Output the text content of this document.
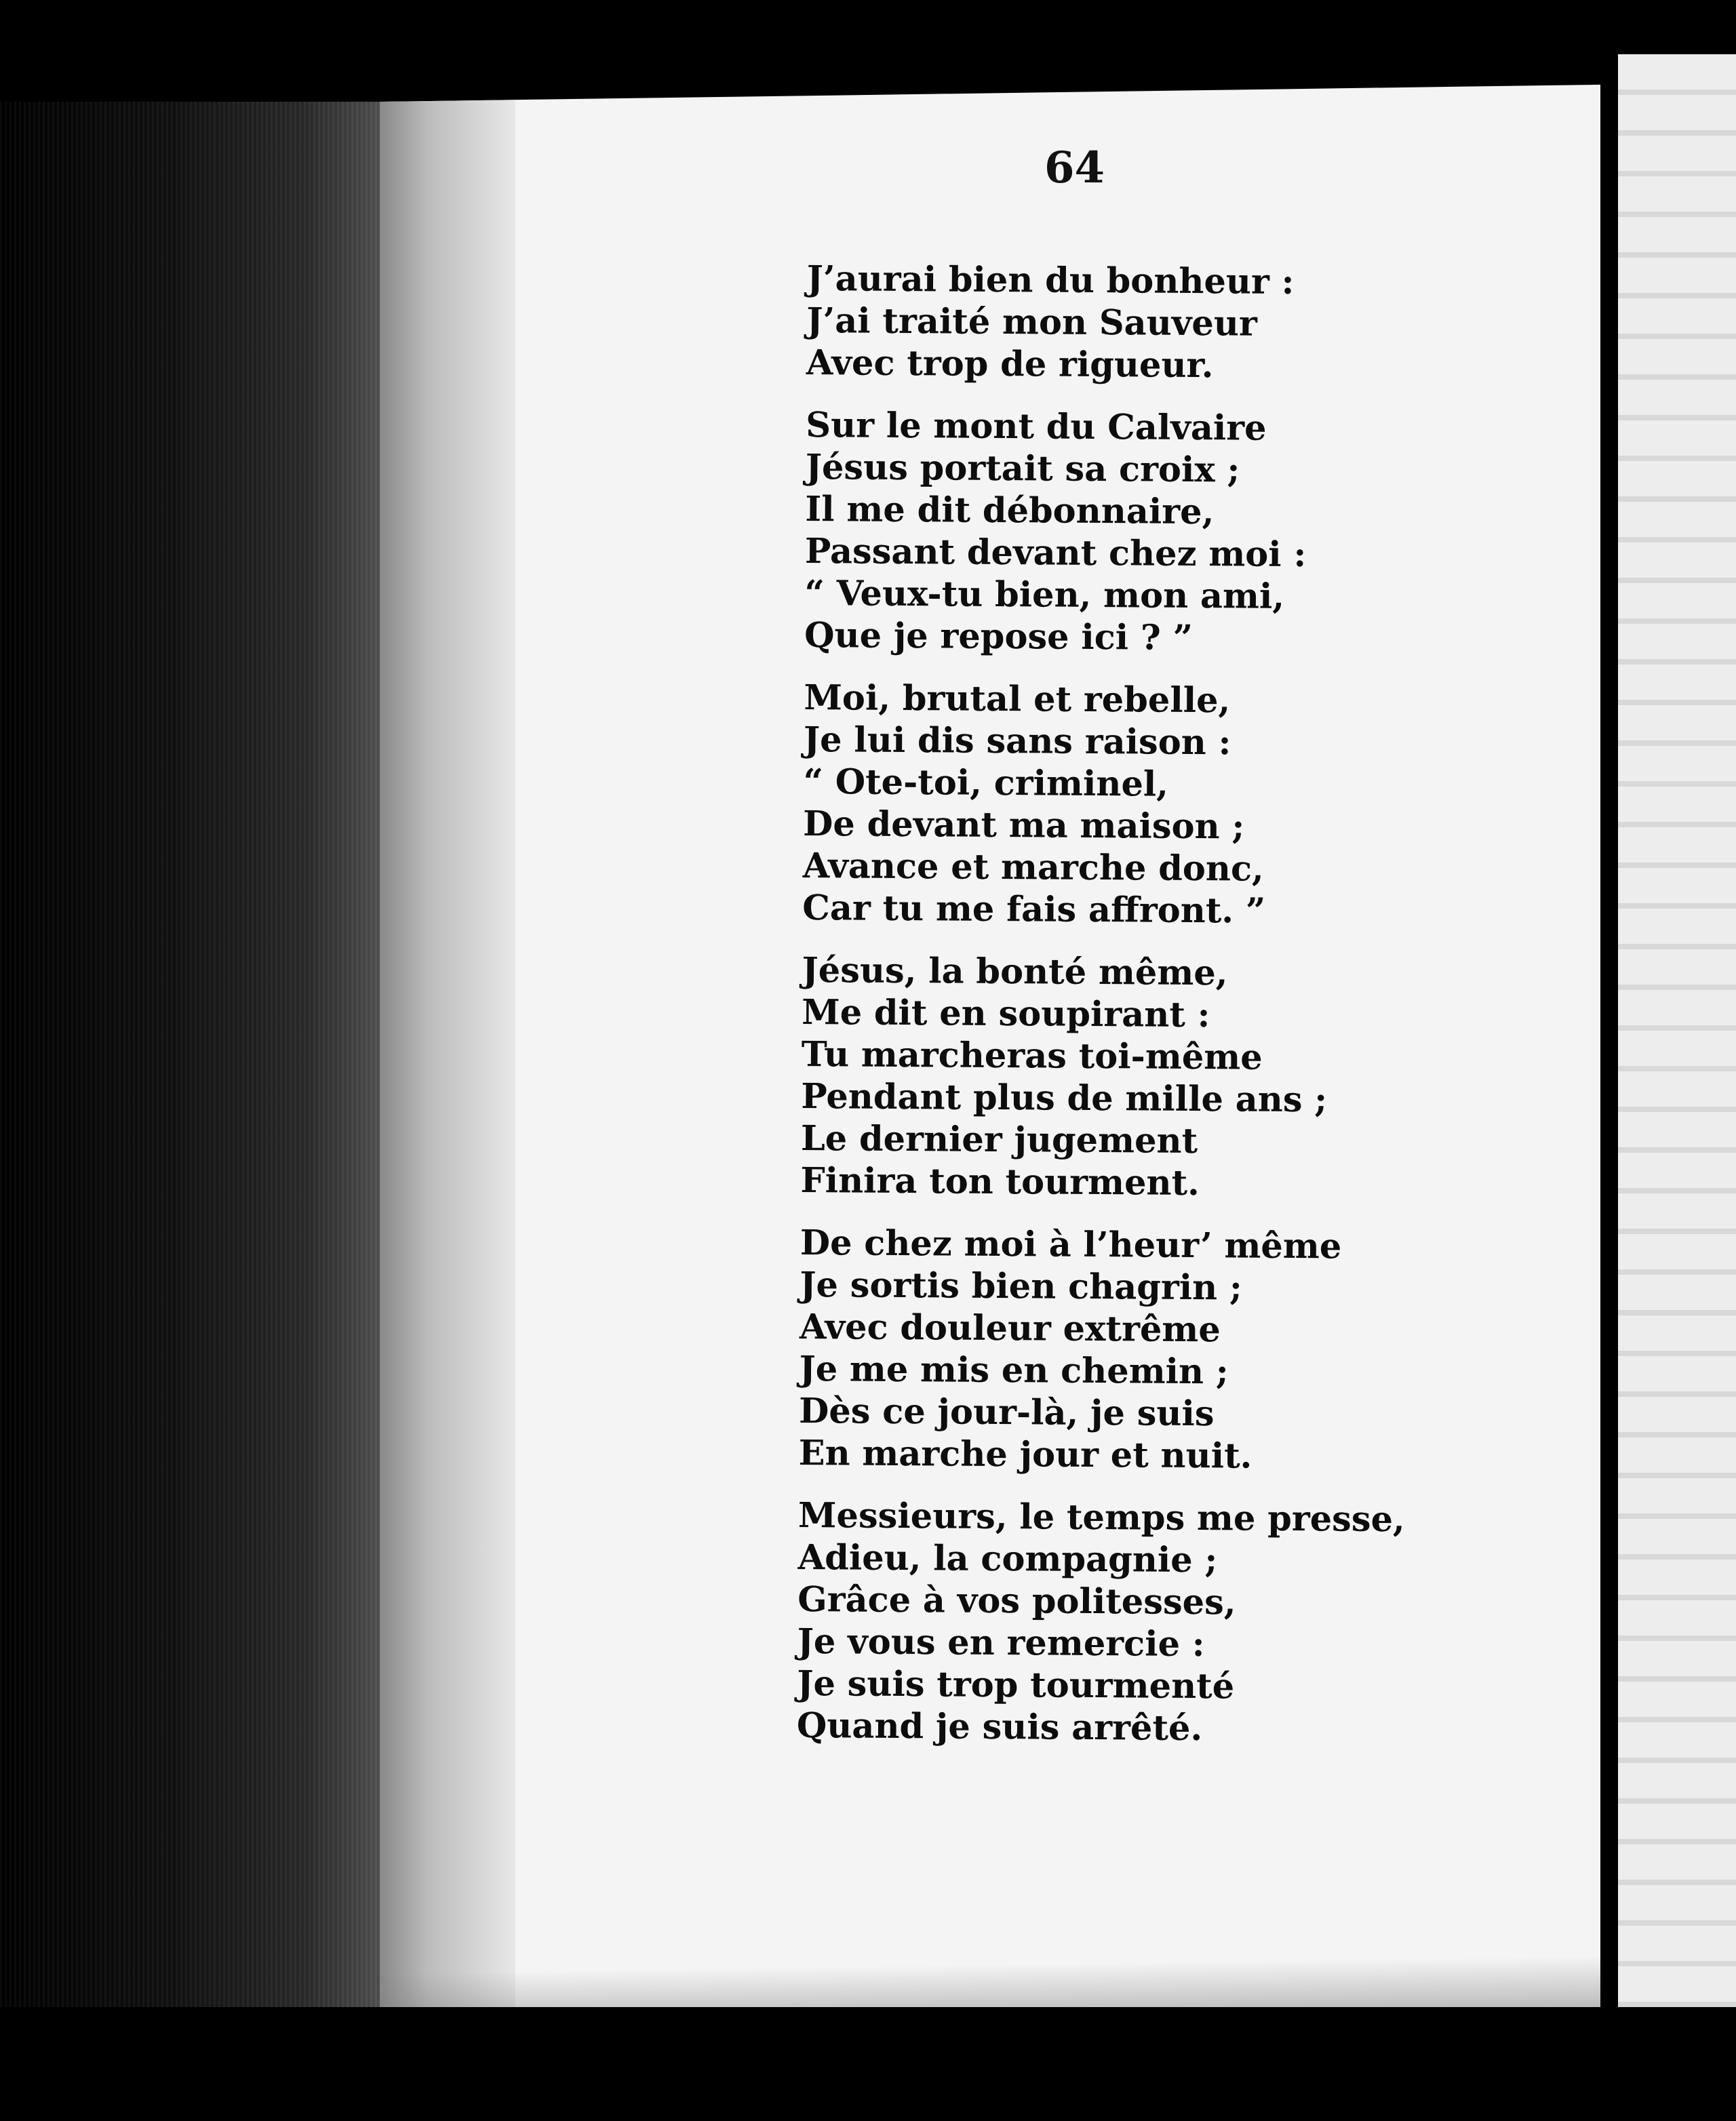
64
J’aurai bien du bonheur :
J’ai traité mon Sauveur
Avec trop de rigueur.
Sur le mont du Calvaire
Jésus portait sa croix ;
Il me dit débonnaire,
Passant devant chez moi :
“ Veux-tu bien, mon ami,
Que je repose ici ? ”
Moi, brutal et rebelle,
Je lui dis sans raison :
“ Ote-toi, criminel,
De devant ma maison ;
Avance et marche donc,
Car tu me fais affront. ”
Jésus, la bonté même,
Me dit en soupirant :
Tu marcheras toi-même
Pendant plus de mille ans ;
Le dernier jugement
Finira ton tourment.
De chez moi à l’heur’ même
Je sortis bien chagrin ;
Avec douleur extrême
Je me mis en chemin ;
Dès ce jour-là, je suis
En marche jour et nuit.
Messieurs, le temps me presse,
Adieu, la compagnie ;
Grâce à vos politesses,
Je vous en remercie :
Je suis trop tourmenté
Quand je suis arrêté.
